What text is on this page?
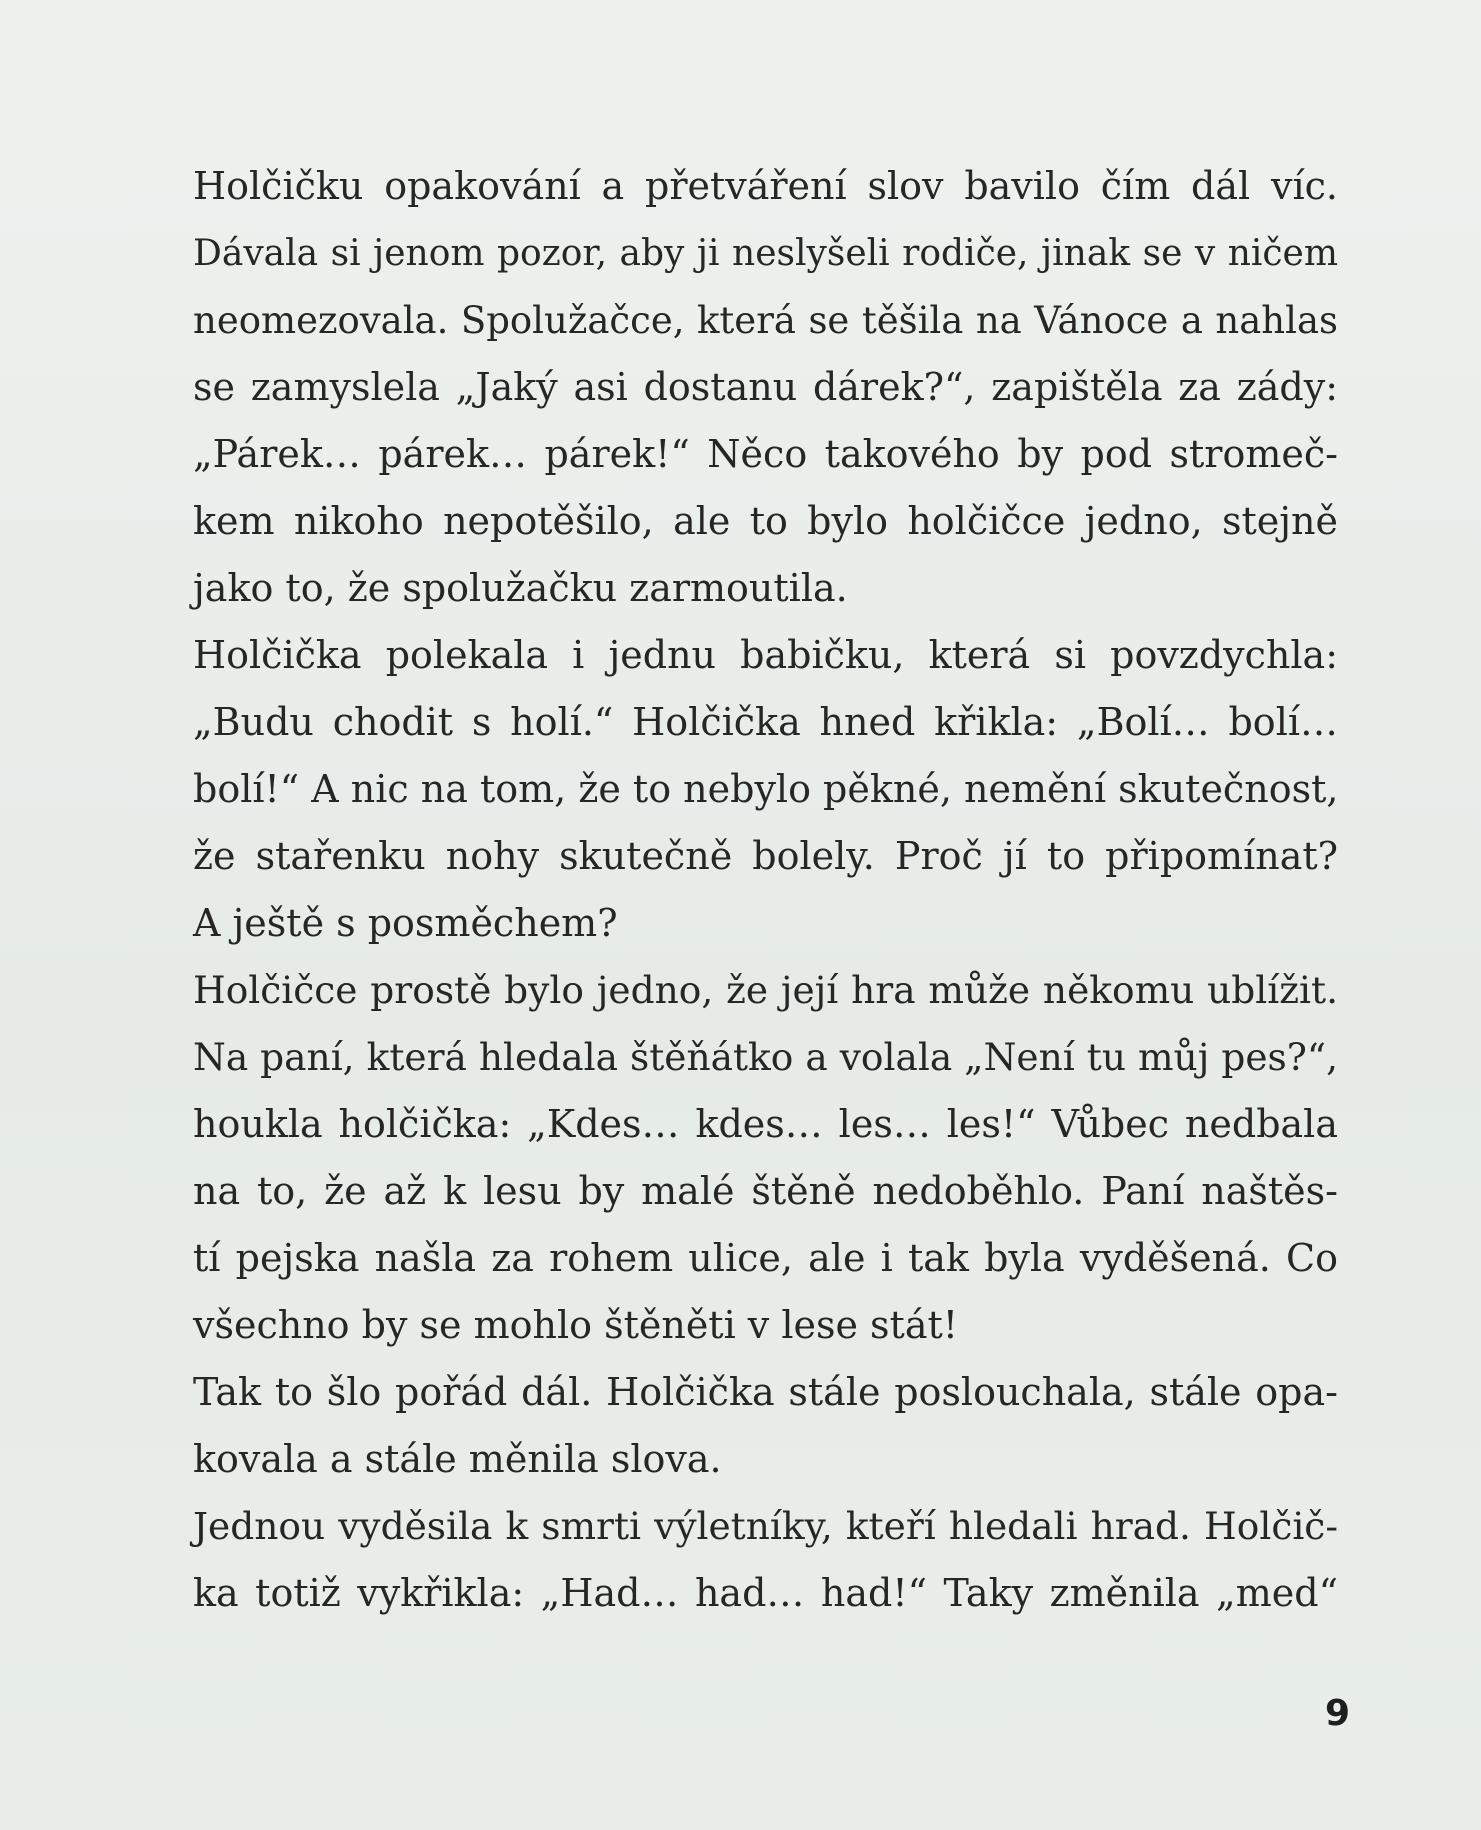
Holčičku opakování a přetváření slov bavilo čím dál víc.
Dávala si jenom pozor, aby ji neslyšeli rodiče, jinak se v ničem
neomezovala. Spolužačce, která se těšila na Vánoce a nahlas
se zamyslela „Jaký asi dostanu dárek?“, zapištěla za zády:
„Párek… párek… párek!“ Něco takového by pod stromeč-
kem nikoho nepotěšilo, ale to bylo holčičce jedno, stejně
jako to, že spolužačku zarmoutila.
Holčička polekala i jednu babičku, která si povzdychla:
„Budu chodit s holí.“ Holčička hned křikla: „Bolí… bolí…
bolí!“ A nic na tom, že to nebylo pěkné, nemění skutečnost,
že stařenku nohy skutečně bolely. Proč jí to připomínat?
A ještě s posměchem?
Holčičce prostě bylo jedno, že její hra může někomu ublížit.
Na paní, která hledala štěňátko a volala „Není tu můj pes?“,
houkla holčička: „Kdes… kdes… les… les!“ Vůbec nedbala
na to, že až k lesu by malé štěně nedoběhlo. Paní naštěs-
tí pejska našla za rohem ulice, ale i tak byla vyděšená. Co
všechno by se mohlo štěněti v lese stát!
Tak to šlo pořád dál. Holčička stále poslouchala, stále opa-
kovala a stále měnila slova.
Jednou vyděsila k smrti výletníky, kteří hledali hrad. Holčič-
ka totiž vykřikla: „Had… had… had!“ Taky změnila „med“
9
